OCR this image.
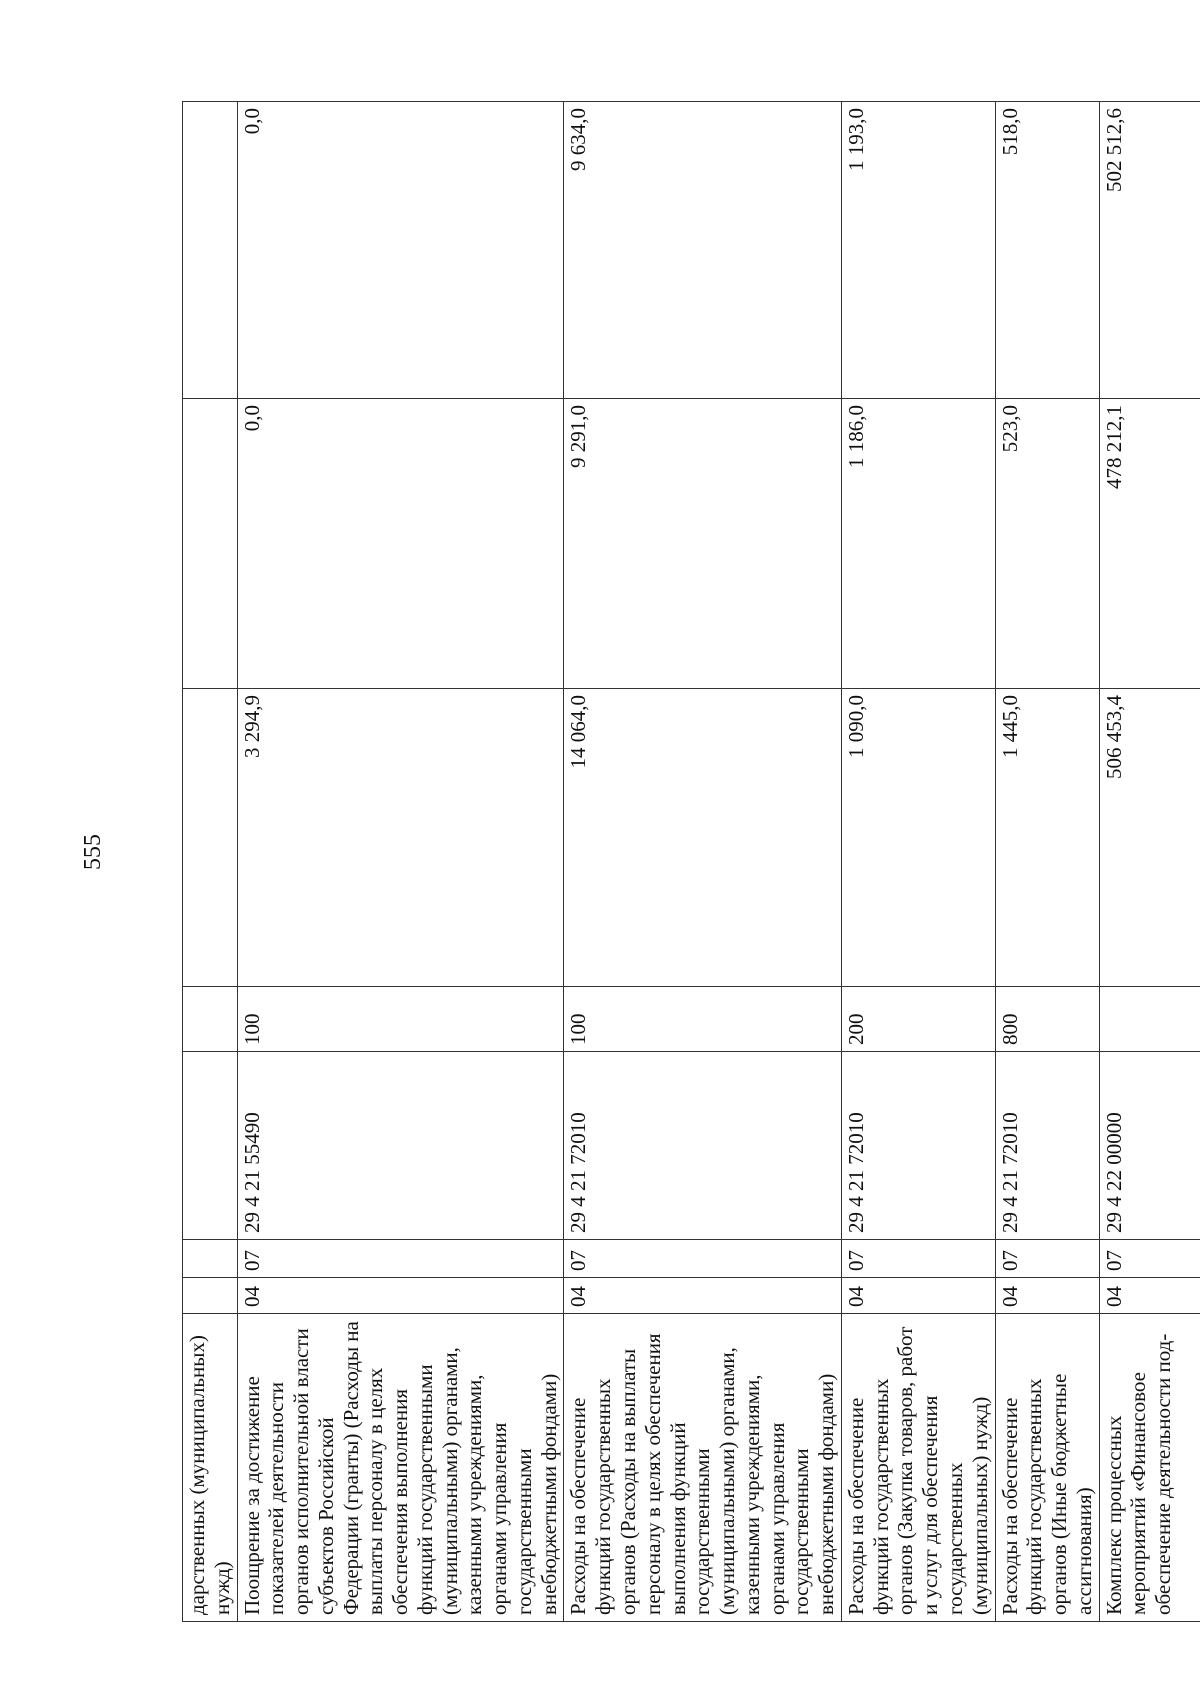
555
дарственных (муниципальных) нужд)							
Поощрение за достижение показателей деятельности органов исполнительной власти субъектов Российской Федерации (гранты) (Расходы на выплаты персоналу в целях обеспечения выполнения функций государственными (муниципальными) органами, казенными учреждениями, органами управления государственными внебюджетными фондами)	04	07	29 4 21 55490	100	3 294,9	0,0	0,0
Расходы на обеспечение функций государственных органов (Расходы на выплаты персоналу в целях обеспечения выполнения функций государственными (муниципальными) органами, казенными учреждениями, органами управления государственными внебюджетными фондами)	04	07	29 4 21 72010	100	14 064,0	9 291,0	9 634,0
Расходы на обеспечение функций государственных органов (Закупка товаров, работ и услуг для обеспечения государственных (муниципальных) нужд)	04	07	29 4 21 72010	200	1 090,0	1 186,0	1 193,0
Расходы на обеспечение функций государственных органов (Иные бюджетные ассигнования)	04	07	29 4 21 72010	800	1 445,0	523,0	518,0
Комплекс процессных мероприятий «Финансовое обеспечение деятельности под-	04	07	29 4 22 00000		506 453,4	478 212,1	502 512,6
